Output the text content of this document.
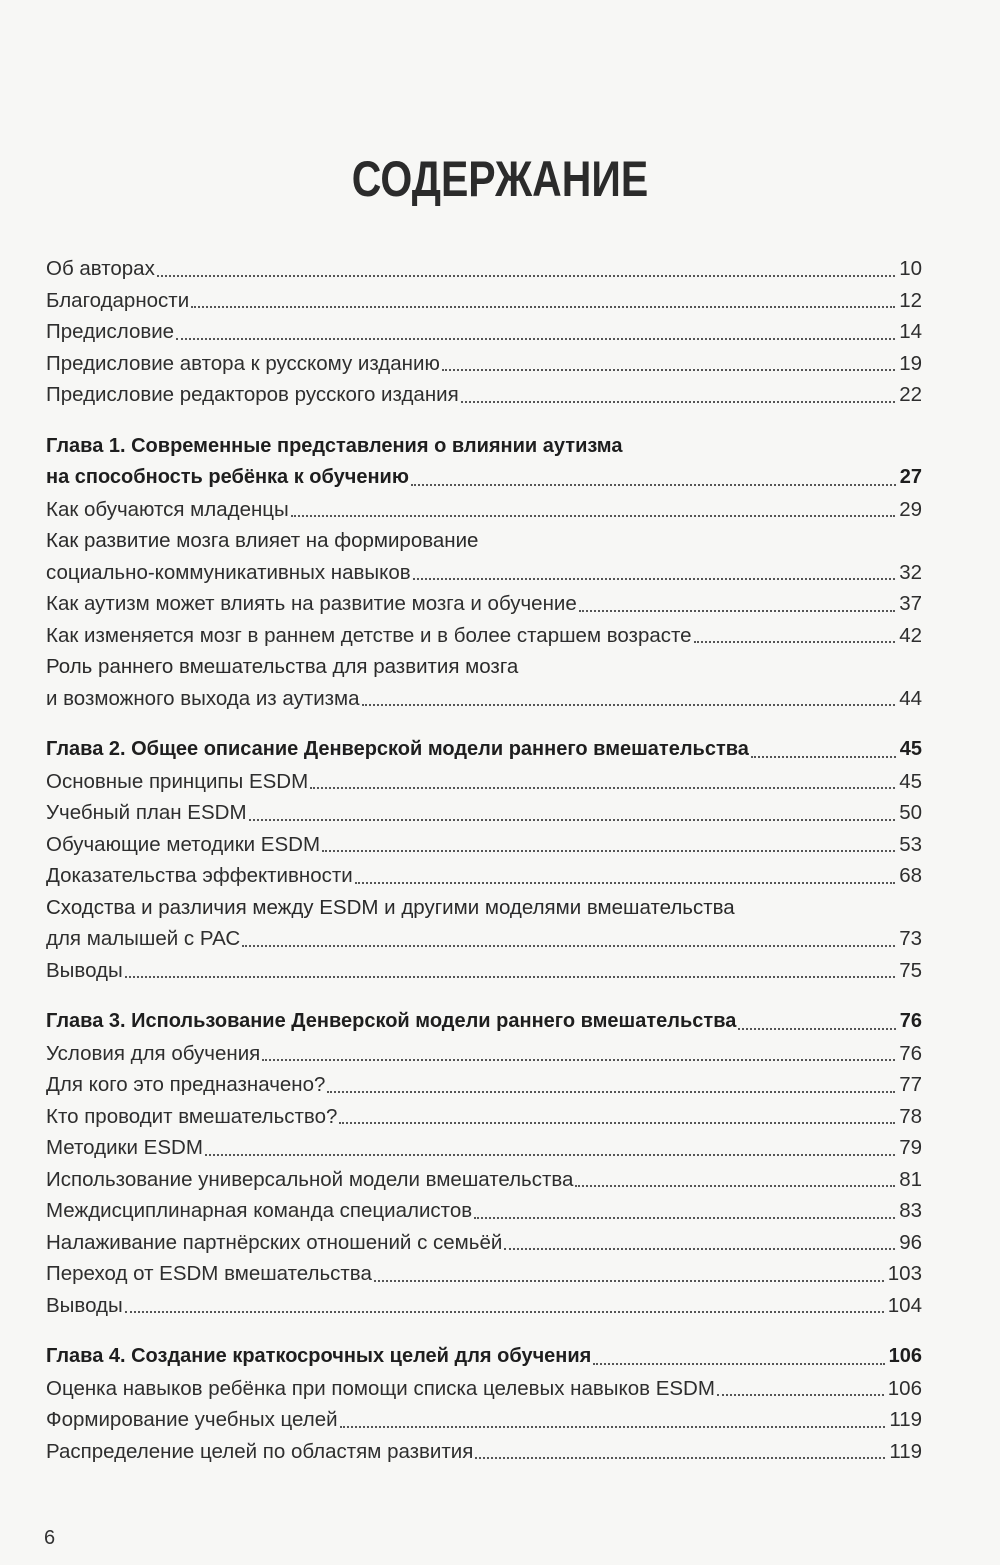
СОДЕРЖАНИЕ
Об авторах	10
Благодарности	12
Предисловие	14
Предисловие автора к русскому изданию	19
Предисловие редакторов русского издания	22
Глава 1. Современные представления о влиянии аутизма
на способность ребёнка к обучению	27
Как обучаются младенцы	29
Как развитие мозга влияет на формирование
социально-коммуникативных навыков	32
Как аутизм может влиять на развитие мозга и обучение	37
Как изменяется мозг в раннем детстве и в более старшем возрасте	42
Роль раннего вмешательства для развития мозга
и возможного выхода из аутизма	44
Глава 2. Общее описание Денверской модели раннего вмешательства	45
Основные принципы ESDM	45
Учебный план ESDM	50
Обучающие методики ESDM	53
Доказательства эффективности	68
Сходства и различия между ESDM и другими моделями вмешательства
для малышей с РАС	73
Выводы	75
Глава 3. Использование Денверской модели раннего вмешательства	76
Условия для обучения	76
Для кого это предназначено?	77
Кто проводит вмешательство?	78
Методики ESDM	79
Использование универсальной модели вмешательства	81
Междисциплинарная команда специалистов	83
Налаживание партнёрских отношений с семьёй	96
Переход от ESDM вмешательства	103
Выводы	104
Глава 4. Создание краткосрочных целей для обучения	106
Оценка навыков ребёнка при помощи списка целевых навыков ESDM	106
Формирование учебных целей	119
Распределение целей по областям развития	119
6
